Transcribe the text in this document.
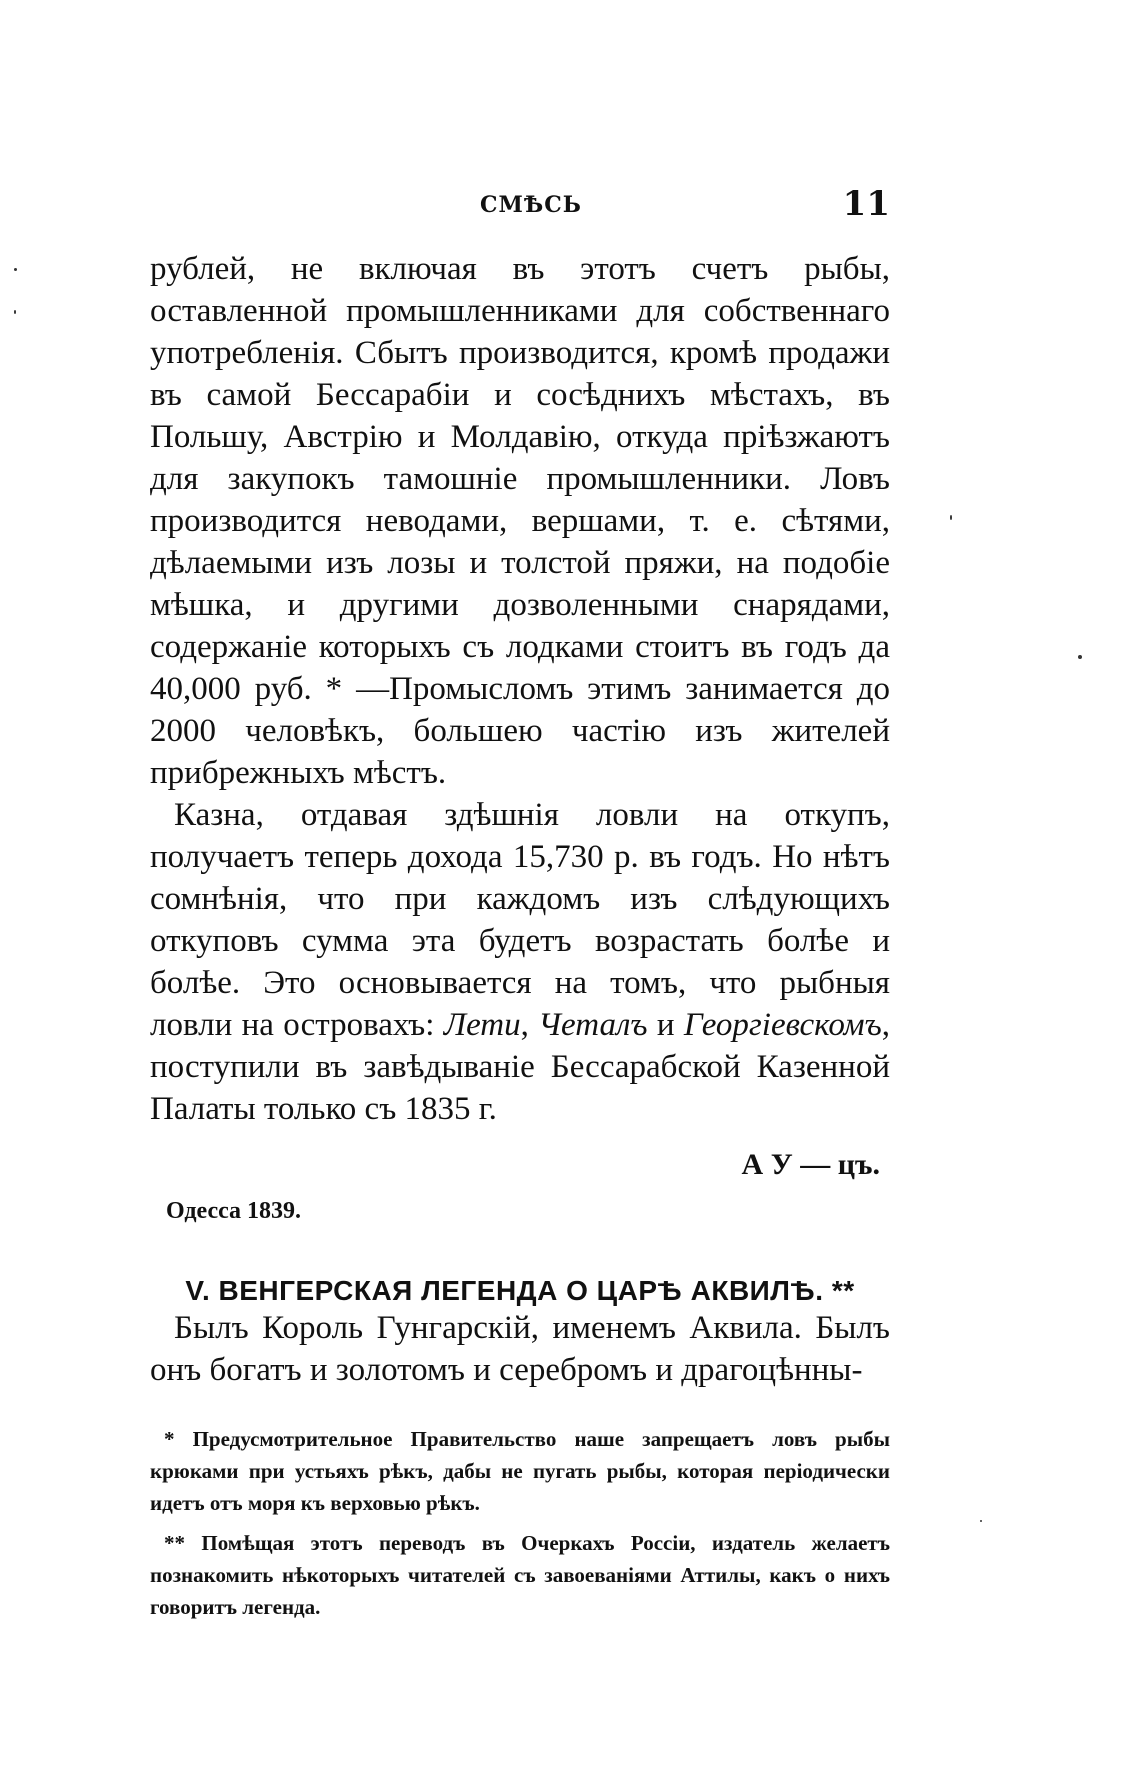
СМѢСЬ	11

рублей, не включая въ этотъ счетъ рыбы, оставленной промышленниками для собственнаго употребленія. Сбытъ производится, кромѣ продажи въ самой Бессарабіи и сосѣднихъ мѣстахъ, въ Польшу, Австрію и Молдавію, откуда пріѣзжаютъ для закупокъ тамошніе промышленники. Ловъ производится неводами, вершами, т. е. сѣтями, дѣлаемыми изъ лозы и толстой пряжи, на подобіе мѣшка, и другими дозволенными снарядами, содержаніе которыхъ съ лодками стоитъ въ годъ да 40,000 руб. * —Промысломъ этимъ занимается до 2000 человѣкъ, большею частію изъ жителей прибрежныхъ мѣстъ.

Казна, отдавая здѣшнія ловли на откупъ, получаетъ теперь дохода 15,730 р. въ годъ. Но нѣтъ сомнѣнія, что при каждомъ изъ слѣдующихъ откуповъ сумма эта будетъ возрастать болѣе и болѣе. Это основывается на томъ, что рыбныя ловли на островахъ: Лети, Четалъ и Георгіевскомъ, поступили въ завѣдываніе Бессарабской Казенной Палаты только съ 1835 г.

А У — цъ.
Одесса 1839.
V. ВЕНГЕРСКАЯ ЛЕГЕНДА О ЦАРѢ АКВИЛѢ. **

Былъ Король Гунгарскій, именемъ Аквила. Былъ онъ богатъ и золотомъ и серебромъ и драгоцѣнны-

* Предусмотрительное Правительство наше запрещаетъ ловъ рыбы крюками при устьяхъ рѣкъ, дабы не пугать рыбы, которая періодически идетъ отъ моря къ верховью рѣкъ.

** Помѣщая этотъ переводъ въ Очеркахъ Россіи, издатель желаетъ познакомить нѣкоторыхъ читателей съ завоеваніями Аттилы, какъ о нихъ говоритъ легенда.
